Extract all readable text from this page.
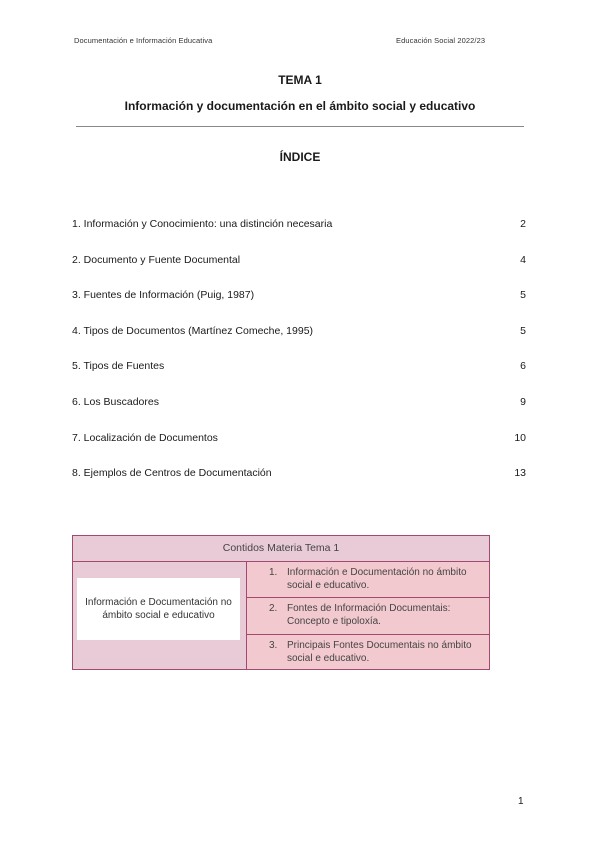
Documentación e Información Educativa	Educación Social 2022/23
TEMA 1
Información y documentación en el ámbito social y educativo
ÍNDICE
1. Información y Conocimiento: una distinción necesaria	2
2. Documento y Fuente Documental	4
3. Fuentes de Información (Puig, 1987)	5
4. Tipos de Documentos (Martínez Comeche, 1995)	5
5. Tipos de Fuentes	6
6. Los Buscadores	9
7. Localización de Documentos	10
8. Ejemplos de Centros de Documentación	13
Contidos Materia Tema 1
Información e Documentación no ámbito social e educativo
1. Información e Documentación no ámbito social e educativo.
2. Fontes de Información Documentais: Concepto e tipoloxía.
3. Principais Fontes Documentais no ámbito social e educativo.
1
